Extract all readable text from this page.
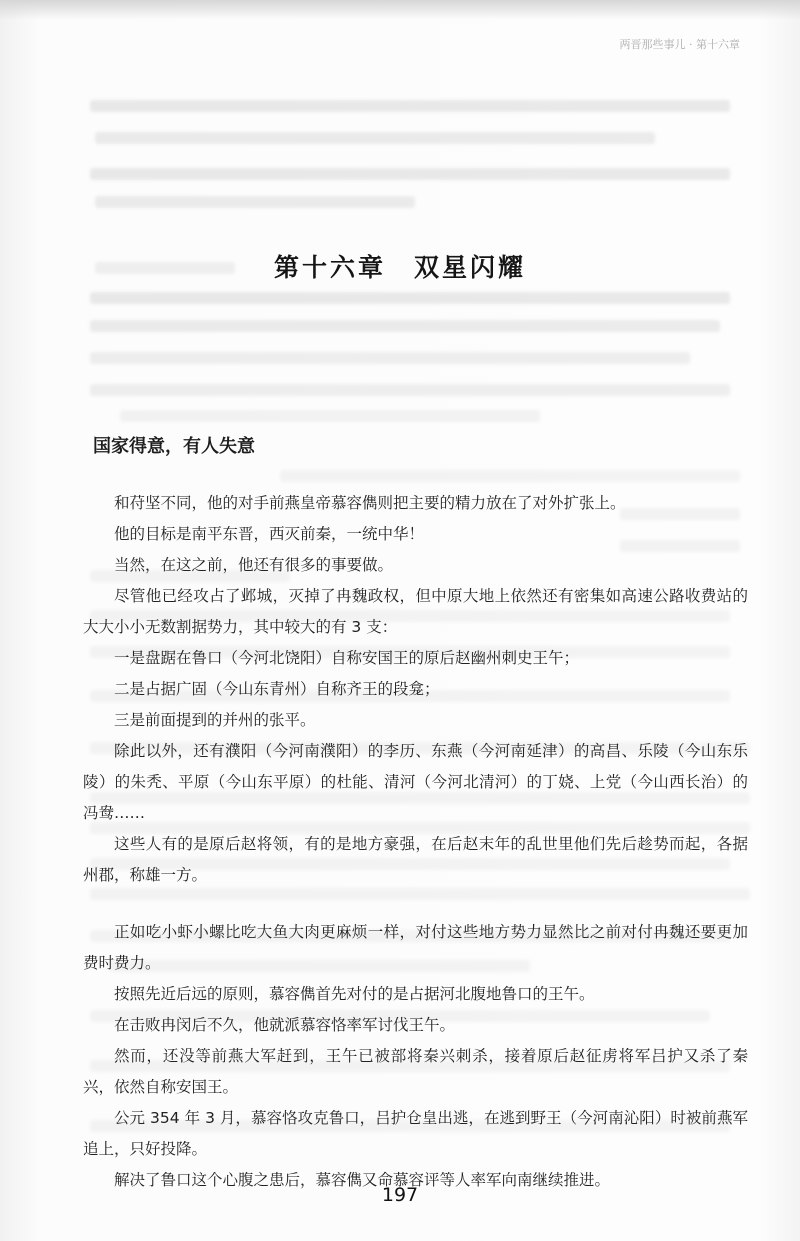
两晋那些事儿 · 第十六章
第十六章　双星闪耀
国家得意，有人失意

和苻坚不同，他的对手前燕皇帝慕容儁则把主要的精力放在了对外扩张上。

他的目标是南平东晋，西灭前秦，一统中华！

当然，在这之前，他还有很多的事要做。

尽管他已经攻占了邺城，灭掉了冉魏政权，但中原大地上依然还有密集如高速公路收费站的大大小小无数割据势力，其中较大的有 3 支：

一是盘踞在鲁口（今河北饶阳）自称安国王的原后赵幽州刺史王午；

二是占据广固（今山东青州）自称齐王的段龛；

三是前面提到的并州的张平。

除此以外，还有濮阳（今河南濮阳）的李历、东燕（今河南延津）的高昌、乐陵（今山东乐陵）的朱秃、平原（今山东平原）的杜能、清河（今河北清河）的丁娆、上党（今山西长治）的冯鸯……

这些人有的是原后赵将领，有的是地方豪强，在后赵末年的乱世里他们先后趁势而起，各据州郡，称雄一方。

正如吃小虾小螺比吃大鱼大肉更麻烦一样，对付这些地方势力显然比之前对付冉魏还要更加费时费力。

按照先近后远的原则，慕容儁首先对付的是占据河北腹地鲁口的王午。

在击败冉闵后不久，他就派慕容恪率军讨伐王午。

然而，还没等前燕大军赶到，王午已被部将秦兴刺杀，接着原后赵征虏将军吕护又杀了秦兴，依然自称安国王。

公元 354 年 3 月，慕容恪攻克鲁口，吕护仓皇出逃，在逃到野王（今河南沁阳）时被前燕军追上，只好投降。

解决了鲁口这个心腹之患后，慕容儁又命慕容评等人率军向南继续推进。

197
